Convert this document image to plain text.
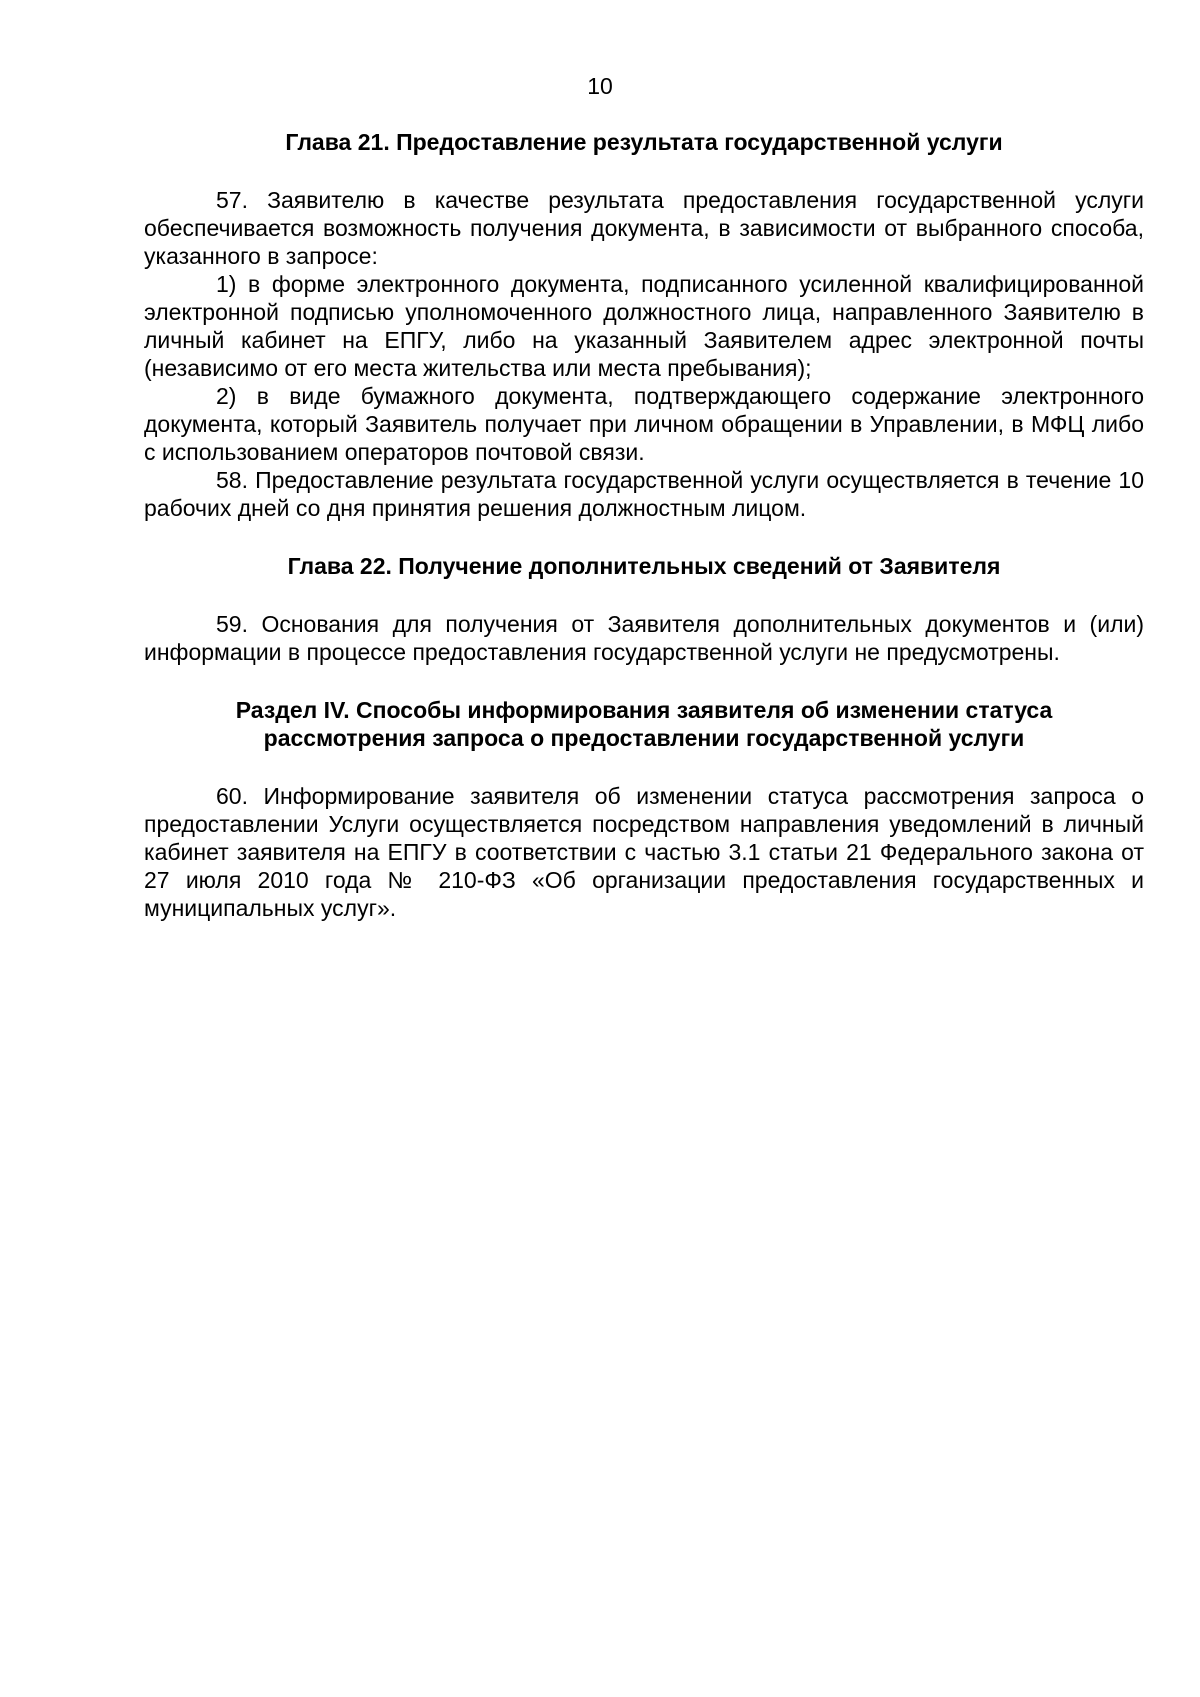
10

Глава 21. Предоставление результата государственной услуги

57. Заявителю в качестве результата предоставления государственной услуги обеспечивается возможность получения документа, в зависимости от выбранного способа, указанного в запросе:

1) в форме электронного документа, подписанного усиленной квалифицированной электронной подписью уполномоченного должностного лица, направленного Заявителю в личный кабинет на ЕПГУ, либо на указанный Заявителем адрес электронной почты (независимо от его места жительства или места пребывания);

2) в виде бумажного документа, подтверждающего содержание электронного документа, который Заявитель получает при личном обращении в Управлении, в МФЦ либо с использованием операторов почтовой связи.

58. Предоставление результата государственной услуги осуществляется в течение 10 рабочих дней со дня принятия решения должностным лицом.

Глава 22. Получение дополнительных сведений от Заявителя

59. Основания для получения от Заявителя дополнительных документов и (или) информации в процессе предоставления государственной услуги не предусмотрены.

Раздел IV. Способы информирования заявителя об изменении статуса

рассмотрения запроса о предоставлении государственной услуги

60. Информирование заявителя об изменении статуса рассмотрения запроса о предоставлении Услуги осуществляется посредством направления уведомлений в личный кабинет заявителя на ЕПГУ в соответствии с частью 3.1 статьи 21 Федерального закона от 27 июля 2010 года № 210-ФЗ «Об организации предоставления государственных и муниципальных услуг».
